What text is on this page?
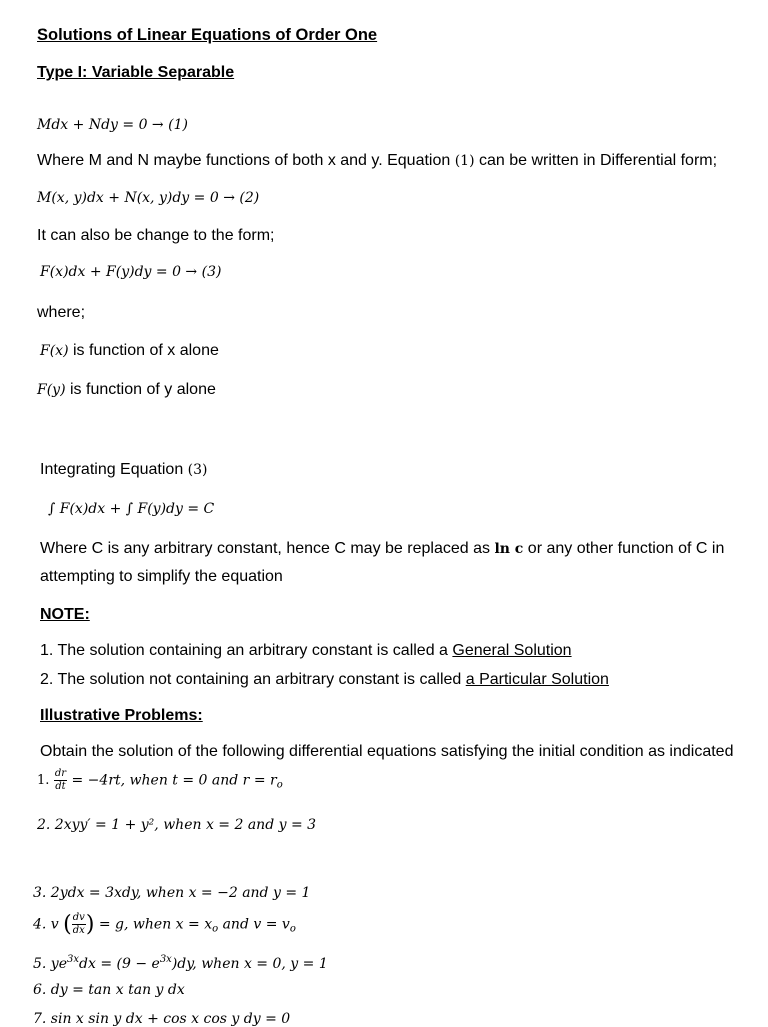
Solutions of Linear Equations of Order One
Type I: Variable Separable
Mdx + Ndy = 0 → (1)
Where M and N maybe functions of both x and y. Equation (1) can be written in Differential form;
M(x, y)dx + N(x, y)dy = 0 → (2)
It can also be change to the form;
F(x)dx + F(y)dy = 0 → (3)
where;
F(x) is function of x alone
F(y) is function of y alone
Integrating Equation (3)
∫ F(x)dx + ∫ F(y)dy = C
Where C is any arbitrary constant, hence C may be replaced as ln c or any other function of C in
attempting to simplify the equation
NOTE:
1. The solution containing an arbitrary constant is called a General Solution
2. The solution not containing an arbitrary constant is called a Particular Solution
Illustrative Problems:
Obtain the solution of the following differential equations satisfying the initial condition as indicated
1. $\frac{dr}{dt} = -4rt$, when t = 0 and r = ro
2. 2xyy′ = 1 + y², when x = 2 and y = 3
3. 2ydx = 3xdy, when x = −2 and y = 1
4. v ( $\frac{dv}{dx}$ ) = g, when x = xo and v = vo
5. $ye^{3x}dx = (9 - e^{3x})dy$, when x = 0, y = 1
6. dy = tan x tan y dx
7. sin x sin y dx + cos x cos y dy = 0
